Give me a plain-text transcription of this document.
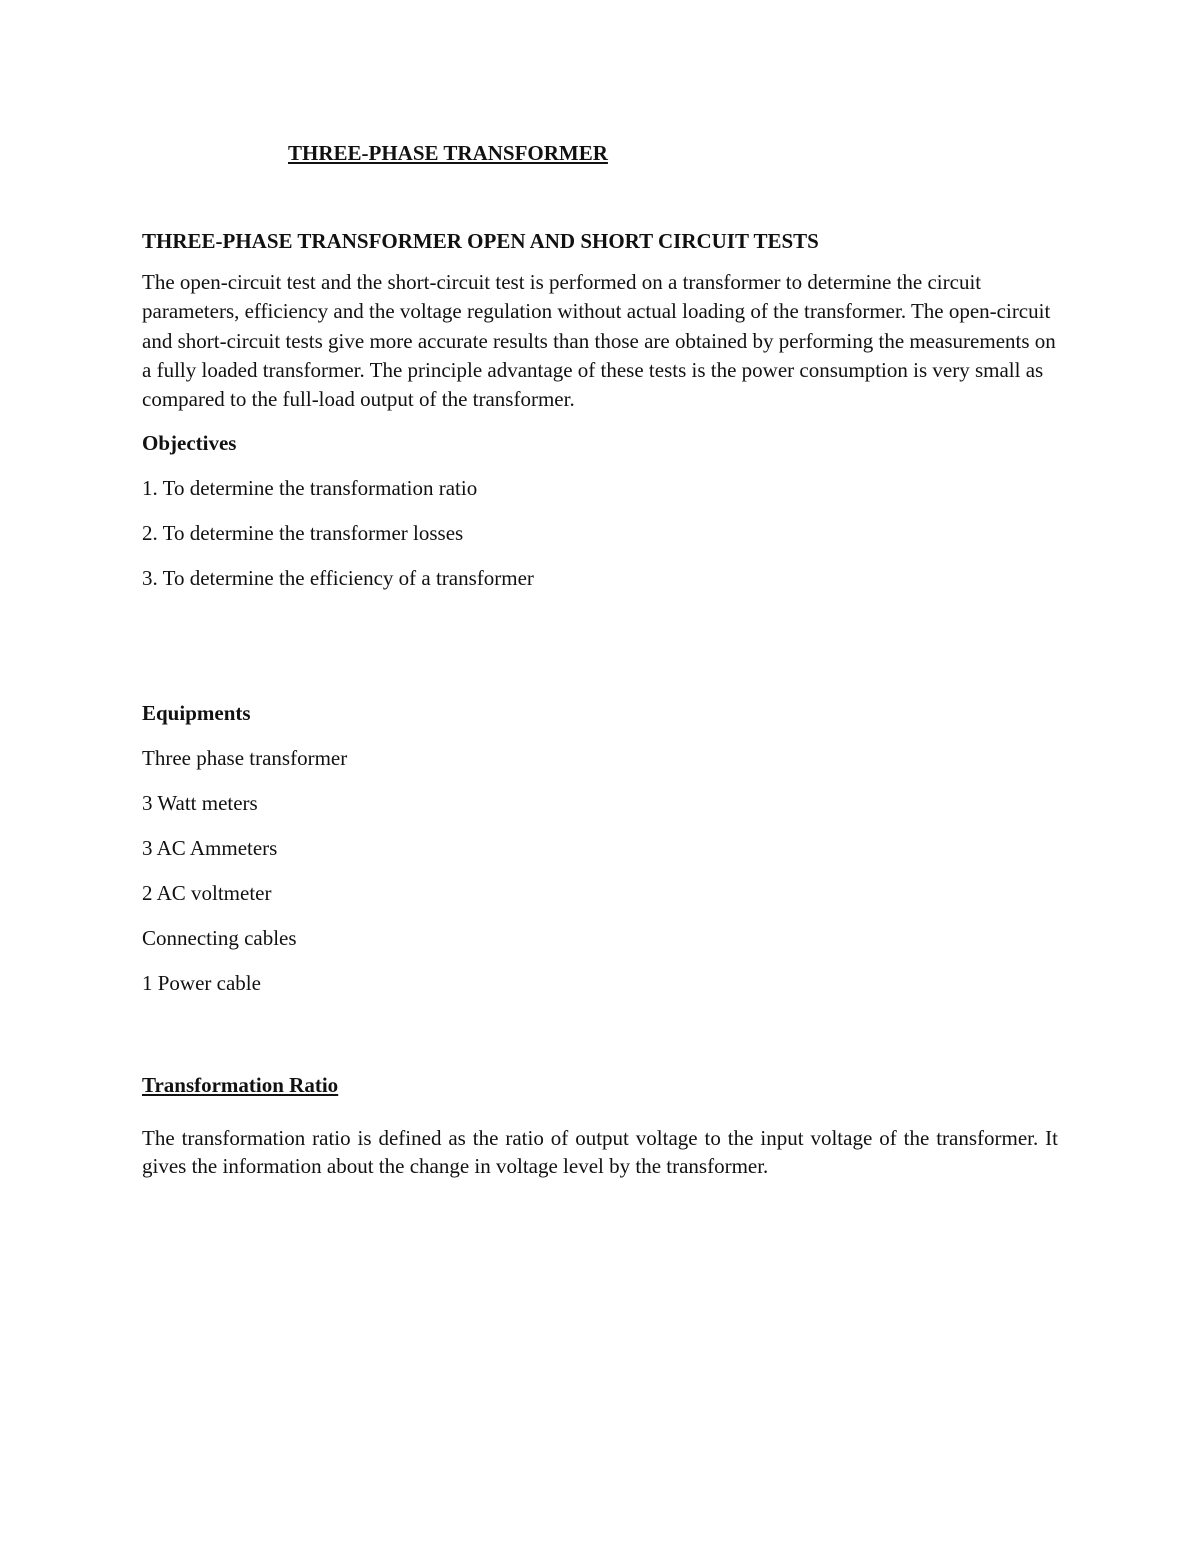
THREE-PHASE TRANSFORMER
THREE-PHASE TRANSFORMER OPEN AND SHORT CIRCUIT TESTS

The open-circuit test and the short-circuit test is performed on a transformer to determine the circuit parameters, efficiency and the voltage regulation without actual loading of the transformer. The open-circuit and short-circuit tests give more accurate results than those are obtained by performing the measurements on a fully loaded transformer. The principle advantage of these tests is the power consumption is very small as compared to the full-load output of the transformer.

Objectives
1. To determine the transformation ratio
2. To determine the transformer losses
3. To determine the efficiency of a transformer
Equipments
Three phase transformer
3 Watt meters
3 AC Ammeters
2 AC voltmeter
Connecting cables
1 Power cable
Transformation Ratio

The transformation ratio is defined as the ratio of output voltage to the input voltage of the transformer. It gives the information about the change in voltage level by the transformer.
